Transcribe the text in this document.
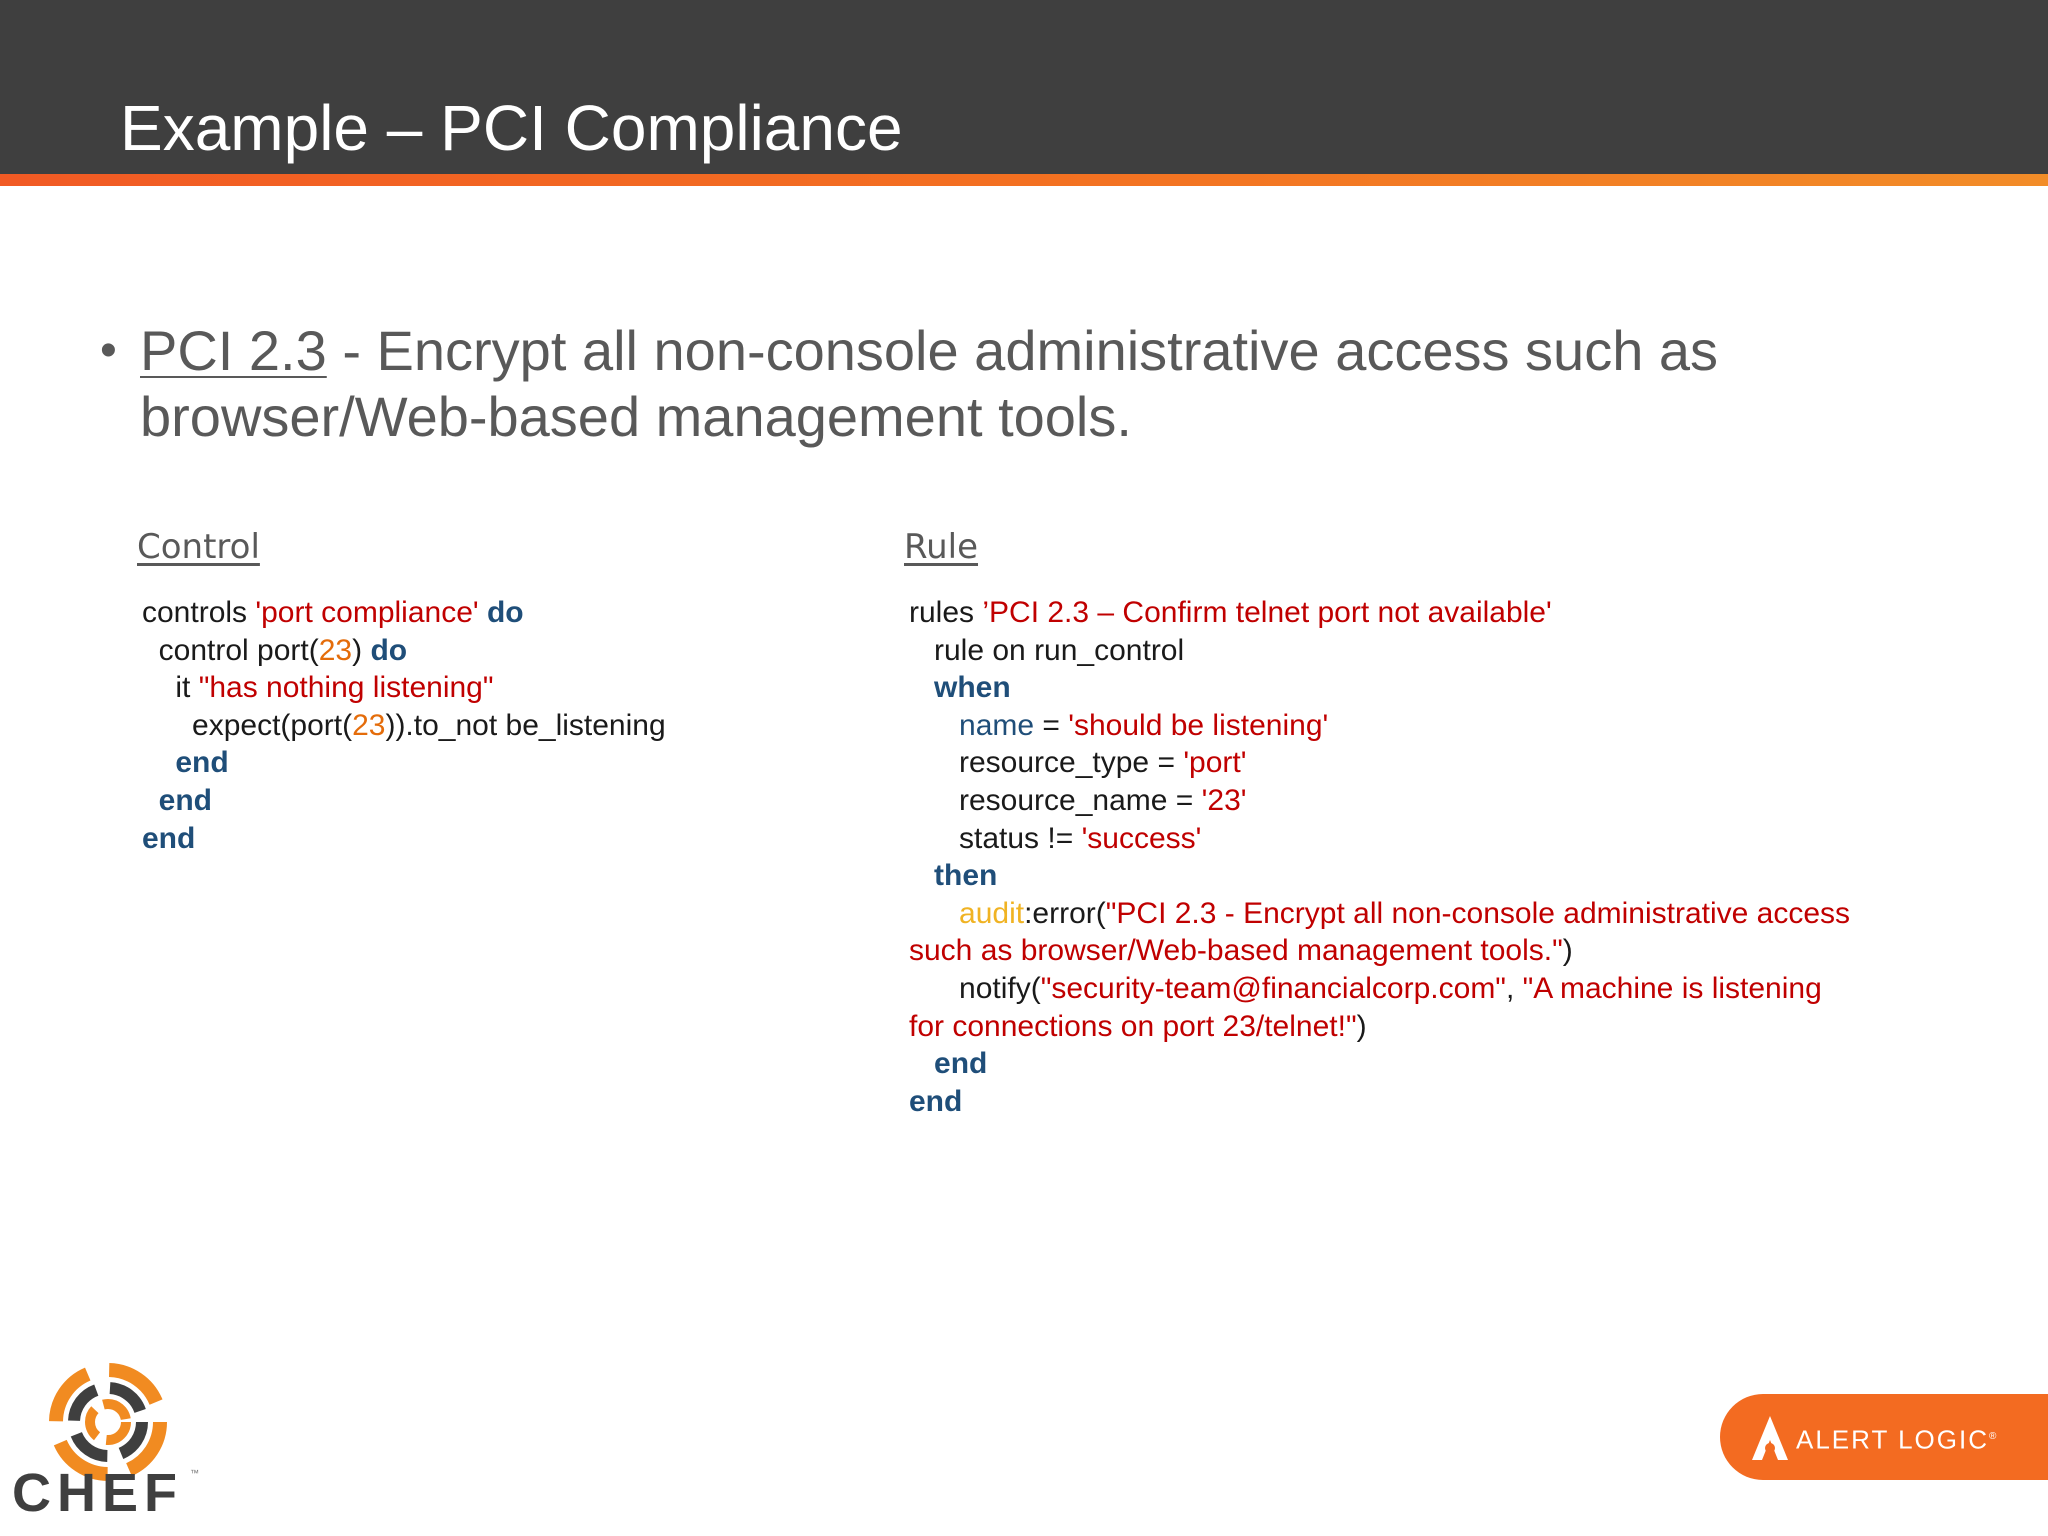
Example – PCI Compliance
• PCI 2.3 - Encrypt all non-console administrative access such as browser/Web-based management tools.
Control	Rule
controls 'port compliance' do
control port(23) do
it "has nothing listening"
expect(port(23)).to_not be_listening
end
end
end
rules ’PCI 2.3 – Confirm telnet port not available'
rule on run_control
when
name = 'should be listening'
resource_type = 'port'
resource_name = '23'
status != 'success'
then
audit:error("PCI 2.3 - Encrypt all non-console administrative access
such as browser/Web-based management tools.")
notify("security-team@financialcorp.com", "A machine is listening
for connections on port 23/telnet!")
end
end
CHEF ™
ALERT LOGIC®
